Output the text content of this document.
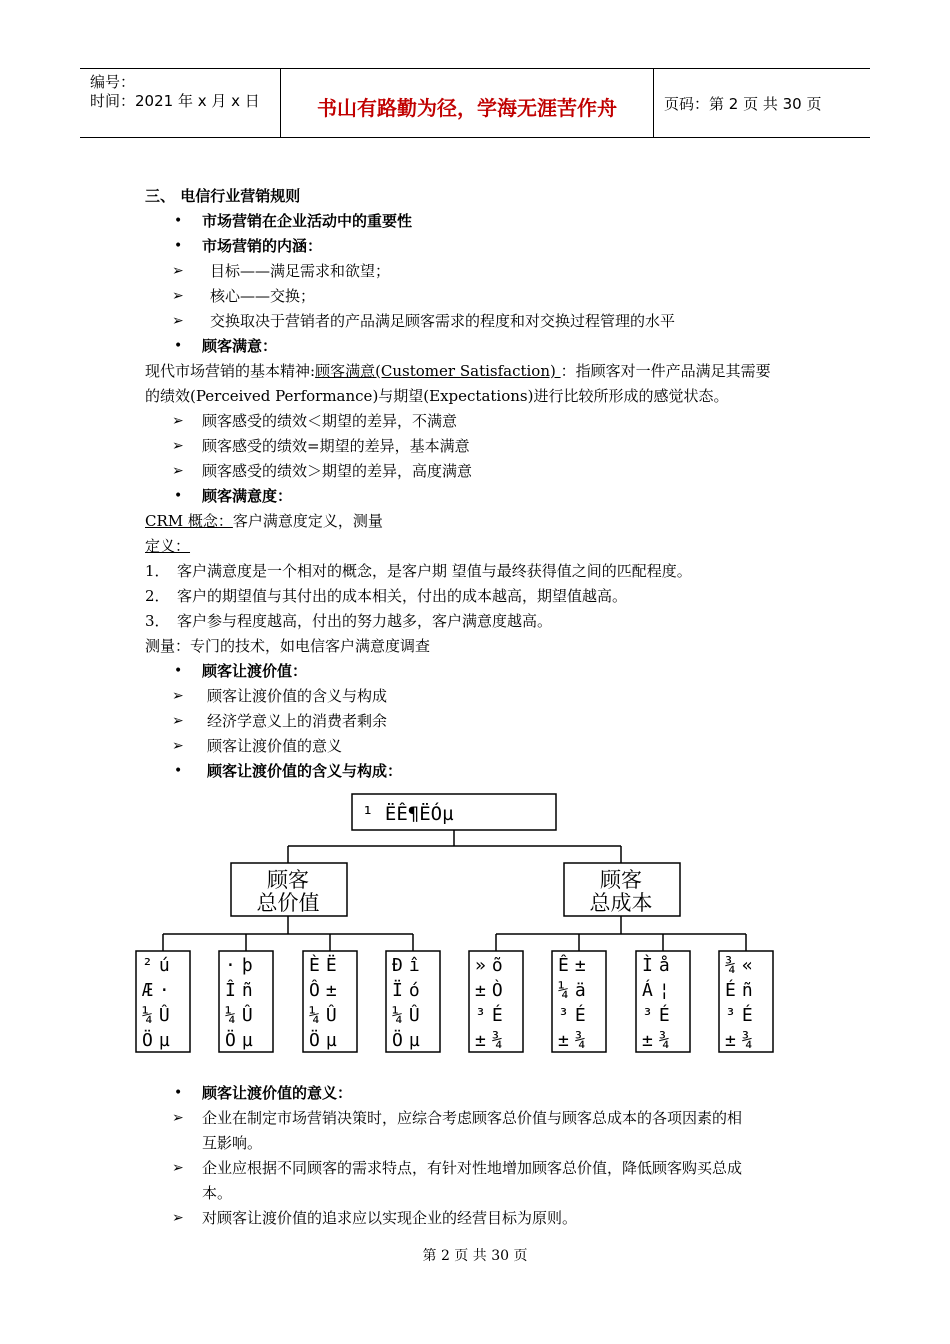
编号：
时间：2021 年 x 月 x 日	书山有路勤为径，学海无涯苦作舟	页码：第 2 页 共 30 页
三、 电信行业营销规则
• 市场营销在企业活动中的重要性
• 市场营销的内涵：
➢ 目标——满足需求和欲望；
➢ 核心——交换；
➢ 交换取决于营销者的产品满足顾客需求的程度和对交换过程管理的水平
• 顾客满意：
现代市场营销的基本精神:顾客满意(Customer Satisfaction) ：指顾客对一件产品满足其需要
的绩效(Perceived Performance)与期望(Expectations)进行比较所形成的感觉状态。
➢ 顾客感受的绩效＜期望的差异，不满意
➢ 顾客感受的绩效=期望的差异，基本满意
➢ 顾客感受的绩效＞期望的差异，高度满意
• 顾客满意度：
CRM 概念：客户满意度定义，测量
定义：
1． 客户满意度是一个相对的概念，是客户期 望值与最终获得值之间的匹配程度。
2． 客户的期望值与其付出的成本相关，付出的成本越高，期望值越高。
3． 客户参与程度越高，付出的努力越多，客户满意度越高。
测量：专门的技术，如电信客户满意度调查
• 顾客让渡价值：
➢ 顾客让渡价值的含义与构成
➢ 经济学意义上的消费者剩余
➢ 顾客让渡价值的意义
• 顾客让渡价值的含义与构成：
¹ ËÊ¶ËÓµ
顾客
总价值
顾客
总成本
²ú
Æ·
¼Û
Öµ
·þ
Îñ
¼Û
Öµ
ÈË
Ô±
¼Û
Öµ
Ðî
Ïó
¼Û
Öµ
»õ
±Ò
³É
±¾
Ê±
¼ä
³É
±¾
Ìå
Á¦
³É
±¾
¾«
Éñ
³É
±¾
• 顾客让渡价值的意义：
➢ 企业在制定市场营销决策时，应综合考虑顾客总价值与顾客总成本的各项因素的相
互影响。
➢ 企业应根据不同顾客的需求特点，有针对性地增加顾客总价值，降低顾客购买总成
本。
➢ 对顾客让渡价值的追求应以实现企业的经营目标为原则。
第 2 页 共 30 页
